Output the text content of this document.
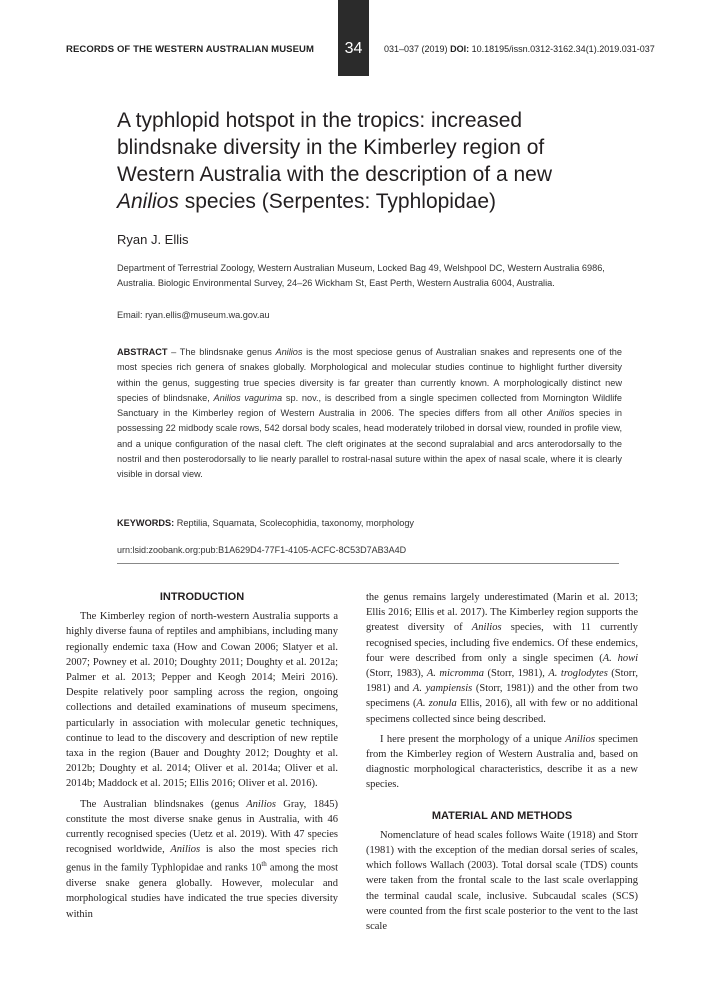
RECORDS OF THE WESTERN AUSTRALIAN MUSEUM	34	031–037 (2019) DOI: 10.18195/issn.0312-3162.34(1).2019.031-037
A typhlopid hotspot in the tropics: increased
blindsnake diversity in the Kimberley region of
Western Australia with the description of a new
Anilios species (Serpentes: Typhlopidae)
Ryan J. Ellis
Department of Terrestrial Zoology, Western Australian Museum, Locked Bag 49, Welshpool DC, Western Australia 6986, Australia. Biologic Environmental Survey, 24–26 Wickham St, East Perth, Western Australia 6004, Australia.
Email: ryan.ellis@museum.wa.gov.au
ABSTRACT – The blindsnake genus Anilios is the most speciose genus of Australian snakes and represents one of the most species rich genera of snakes globally. Morphological and molecular studies continue to highlight further diversity within the genus, suggesting true species diversity is far greater than currently known. A morphologically distinct new species of blindsnake, Anilios vagurima sp. nov., is described from a single specimen collected from Mornington Wildlife Sanctuary in the Kimberley region of Western Australia in 2006. The species differs from all other Anilios species in possessing 22 midbody scale rows, 542 dorsal body scales, head moderately trilobed in dorsal view, rounded in profile view, and a unique configuration of the nasal cleft. The cleft originates at the second supralabial and arcs anterodorsally to the nostril and then posterodorsally to lie nearly parallel to rostral-nasal suture within the apex of nasal scale, where it is clearly visible in dorsal view.
KEYWORDS: Reptilia, Squamata, Scolecophidia, taxonomy, morphology
urn:lsid:zoobank.org:pub:B1A629D4-77F1-4105-ACFC-8C53D7AB3A4D
INTRODUCTION

The Kimberley region of north-western Australia supports a highly diverse fauna of reptiles and amphibians, including many regionally endemic taxa (How and Cowan 2006; Slatyer et al. 2007; Powney et al. 2010; Doughty 2011; Doughty et al. 2012a; Palmer et al. 2013; Pepper and Keogh 2014; Meiri 2016). Despite relatively poor sampling across the region, ongoing collections and detailed examinations of museum specimens, particularly in association with molecular genetic techniques, continue to lead to the discovery and description of new reptile taxa in the region (Bauer and Doughty 2012; Doughty et al. 2012b; Doughty et al. 2014; Oliver et al. 2014a; Oliver et al. 2014b; Maddock et al. 2015; Ellis 2016; Oliver et al. 2016).

The Australian blindsnakes (genus Anilios Gray, 1845) constitute the most diverse snake genus in Australia, with 46 currently recognised species (Uetz et al. 2019). With 47 species recognised worldwide, Anilios is also the most species rich genus in the family Typhlopidae and ranks 10th among the most diverse snake genera globally. However, molecular and morphological studies have indicated the true species diversity within

the genus remains largely underestimated (Marin et al. 2013; Ellis 2016; Ellis et al. 2017). The Kimberley region supports the greatest diversity of Anilios species, with 11 currently recognised species, including five endemics. Of these endemics, four were described from only a single specimen (A. howi (Storr, 1983), A. micromma (Storr, 1981), A. troglodytes (Storr, 1981) and A. yampiensis (Storr, 1981)) and the other from two specimens (A. zonula Ellis, 2016), all with few or no additional specimens collected since being described.

I here present the morphology of a unique Anilios specimen from the Kimberley region of Western Australia and, based on diagnostic morphological characteristics, describe it as a new species.

MATERIAL AND METHODS

Nomenclature of head scales follows Waite (1918) and Storr (1981) with the exception of the median dorsal series of scales, which follows Wallach (2003). Total dorsal scale (TDS) counts were taken from the frontal scale to the last scale overlapping the terminal caudal scale, inclusive. Subcaudal scales (SCS) were counted from the first scale posterior to the vent to the last scale
